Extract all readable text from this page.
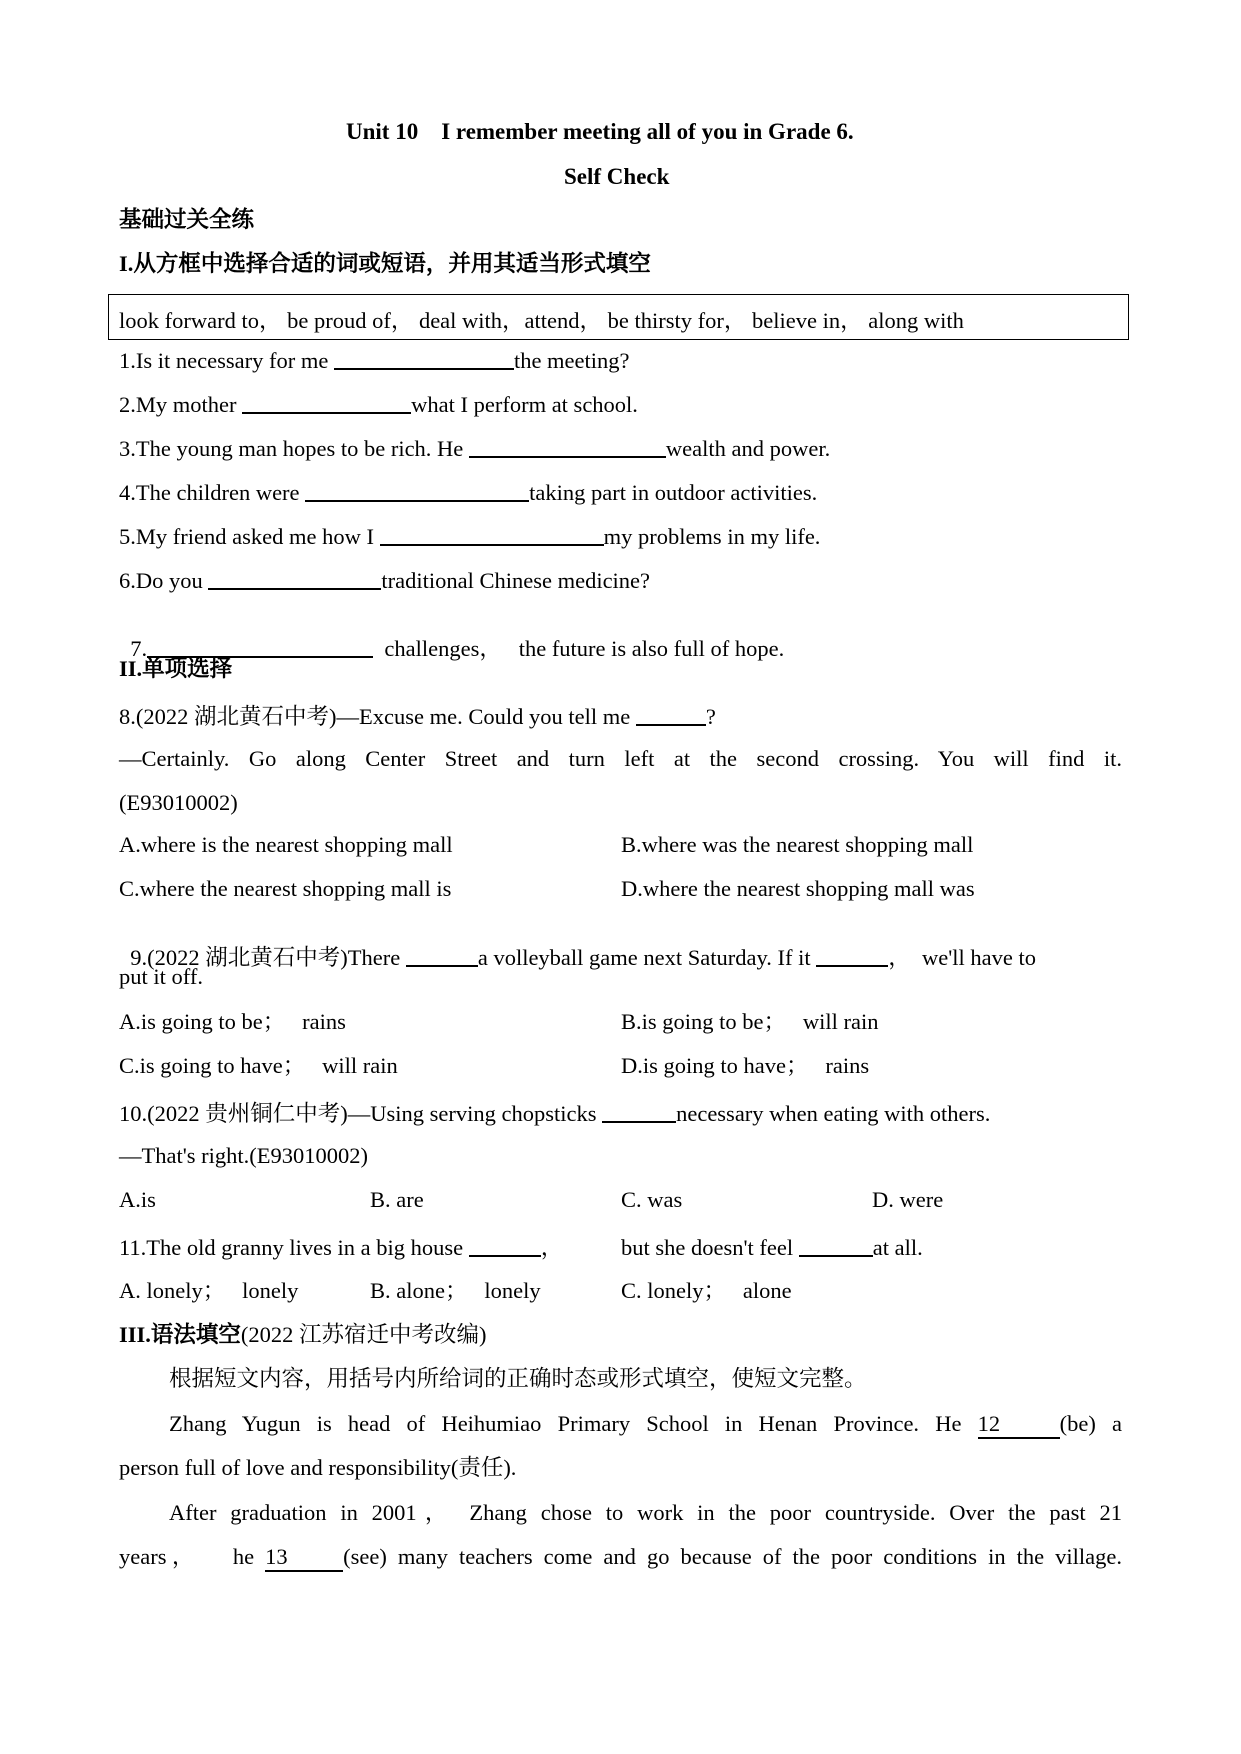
Unit 10　I remember meeting all of you in Grade 6.
Self Check
基础过关全练
I.从方框中选择合适的词或短语，并用其适当形式填空
look forward to， be proud of， deal with，attend， be thirsty for， believe in， along with
1.Is it necessary for me	the meeting?
2.My mother	what I perform at school.
3.The young man hopes to be rich. He	wealth and power.
4.The children were	taking part in outdoor activities.
5.My friend asked me how I	my problems in my life.
6.Do you	traditional Chinese medicine?

7.	challenges，   the future is also full of hope.

II.单项选择
8.(2022 湖北黄石中考)—Excuse me. Could you tell me	?
—Certainly. Go along Center Street and turn left at the second crossing. You will find it.
(E93010002)
A.where is the nearest shopping mall	B.where was the nearest shopping mall
C.where the nearest shopping mall is	D.where the nearest shopping mall was

9.(2022 湖北黄石中考)There	a volleyball game next Saturday. If it	，  we'll have to

put it off.
A.is going to be；   rains	B.is going to be；   will rain
C.is going to have；   will rain	D.is going to have；   rains
10.(2022 贵州铜仁中考)—Using serving chopsticks	necessary when eating with others.
—That's right.(E93010002)
A.is	B. are	C. was	D. were
11.The old granny lives in a big house	，	but she doesn't feel	at all.
A. lonely；   lonely	B. alone；   lonely	C. lonely；   alone
III.语法填空(2022 江苏宿迁中考改编)
根据短文内容，用括号内所给词的正确时态或形式填空，使短文完整。
Zhang Yugun is head of Heihumiao Primary School in Henan Province. He 12	(be) a
person full of love and responsibility(责任).
After graduation in 2001， Zhang chose to work in the poor countryside. Over the past 21
years，   he 13 (see) many teachers come and go because of the poor conditions in the village.
